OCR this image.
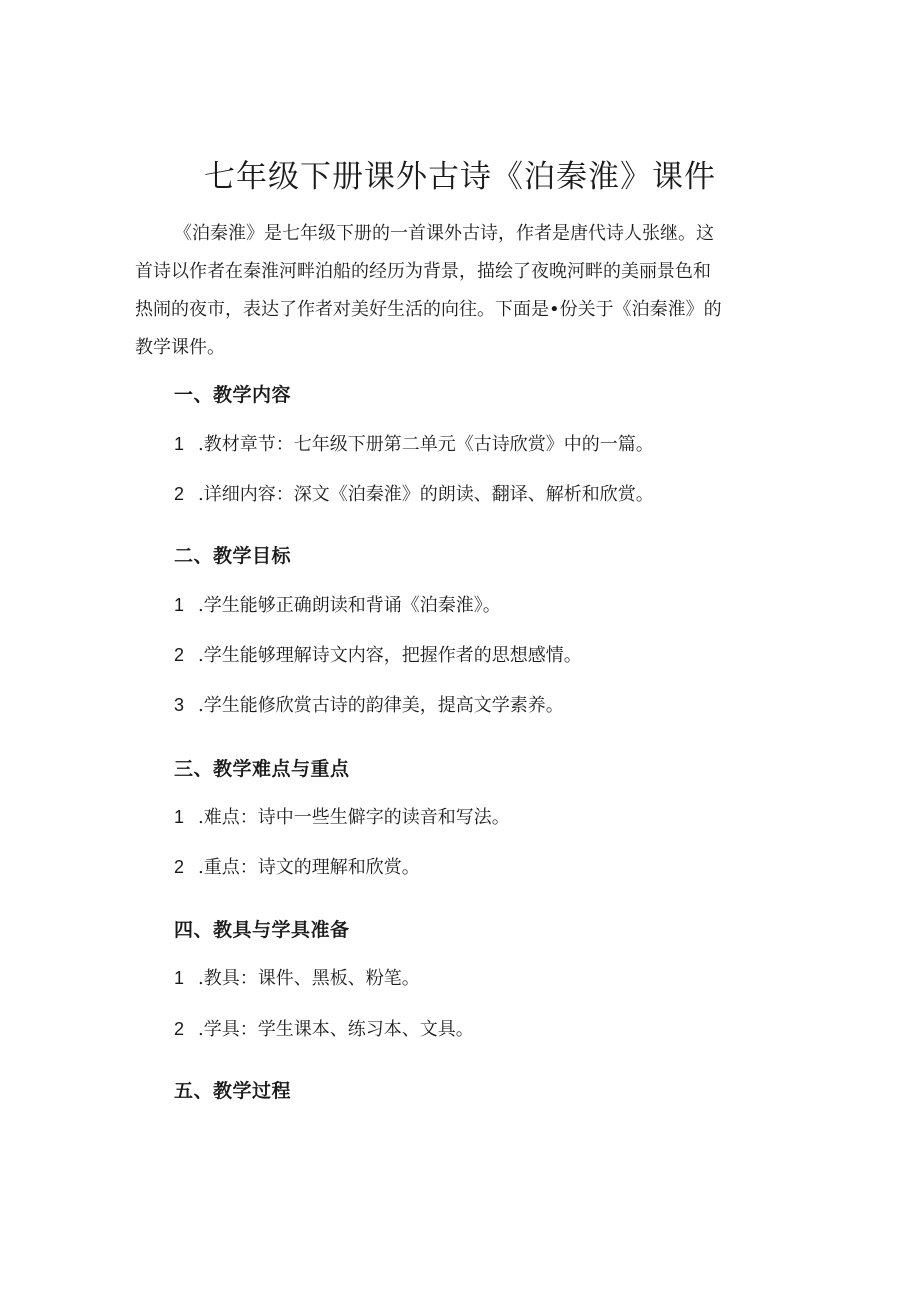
七年级下册课外古诗《泊秦淮》课件

《泊秦淮》是七年级下册的一首课外古诗，作者是唐代诗人张继。这
首诗以作者在秦淮河畔泊船的经历为背景，描绘了夜晚河畔的美丽景色和
热闹的夜市，表达了作者对美好生活的向往。下面是•份关于《泊秦淮》的
教学课件。

一、教学内容

1 .教材章节：七年级下册第二单元《古诗欣赏》中的一篇。

2 .详细内容：深文《泊秦淮》的朗读、翻译、解析和欣赏。

二、教学目标

1 .学生能够正确朗读和背诵《泊秦淮》。

2 .学生能够理解诗文内容，把握作者的思想感情。

3 .学生能修欣赏古诗的韵律美，提高文学素养。

三、教学难点与重点

1 .难点：诗中一些生僻字的读音和写法。

2 .重点：诗文的理解和欣赏。

四、教具与学具准备

1 .教具：课件、黑板、粉笔。

2 .学具：学生课本、练习本、文具。

五、教学过程
